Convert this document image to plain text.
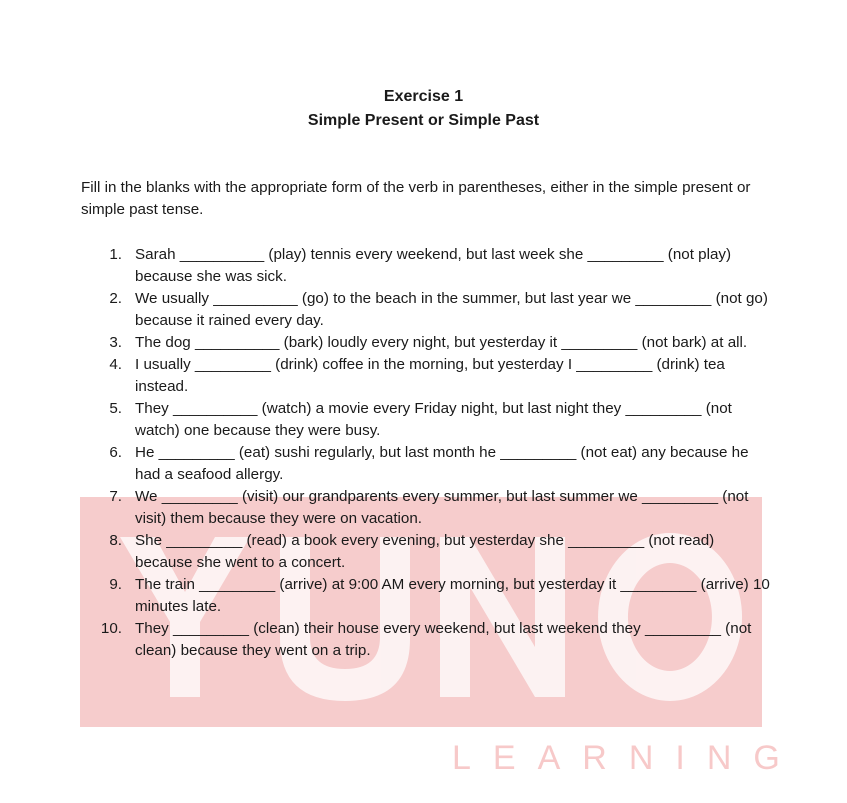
LEARNING
Exercise 1
Simple Present or Simple Past

Fill in the blanks with the appropriate form of the verb in parentheses, either in the simple present or simple past tense.

1. Sarah __________ (play) tennis every weekend, but last week she _________ (not play) because she was sick.
2. We usually __________ (go) to the beach in the summer, but last year we _________ (not go) because it rained every day.
3. The dog __________ (bark) loudly every night, but yesterday it _________ (not bark) at all.
4. I usually _________ (drink) coffee in the morning, but yesterday I _________ (drink) tea instead.
5. They __________ (watch) a movie every Friday night, but last night they _________ (not watch) one because they were busy.
6. He _________ (eat) sushi regularly, but last month he _________ (not eat) any because he had a seafood allergy.
7. We _________ (visit) our grandparents every summer, but last summer we _________ (not visit) them because they were on vacation.
8. She _________ (read) a book every evening, but yesterday she _________ (not read) because she went to a concert.
9. The train _________ (arrive) at 9:00 AM every morning, but yesterday it _________ (arrive) 10 minutes late.
10. They _________ (clean) their house every weekend, but last weekend they _________ (not clean) because they went on a trip.
